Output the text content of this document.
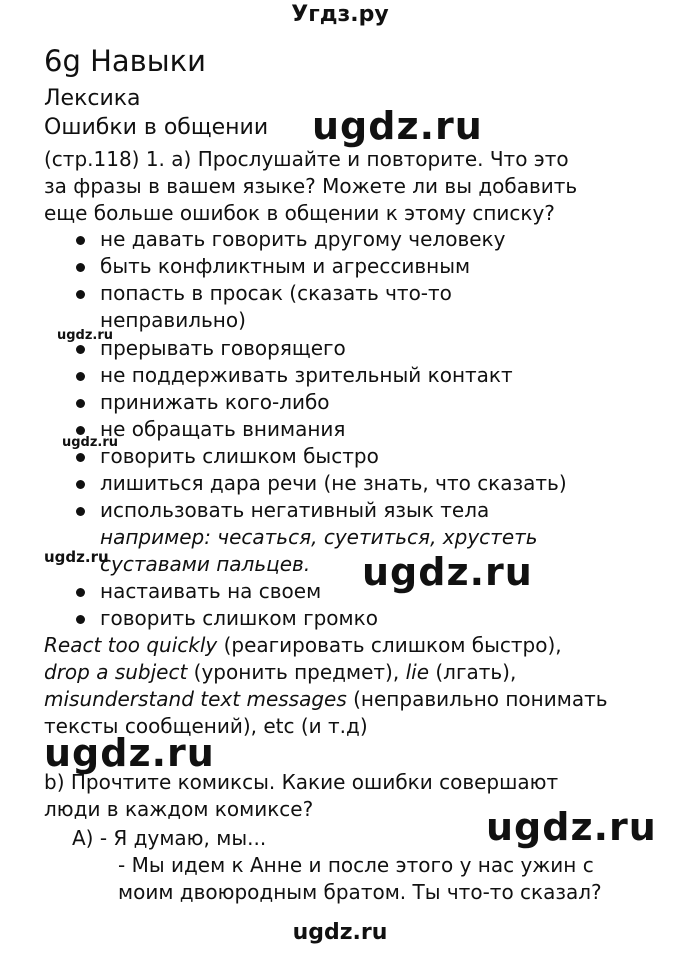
Угдз.ру
ugdz.ru
6g Навыки
Лексика
Ошибки в общении
(стр.118) 1. a) Прослушайте и повторите. Что это
за фразы в вашем языке? Можете ли вы добавить
еще больше ошибок в общении к этому списку?
не давать говорить другому человеку
быть конфликтным и агрессивным
попасть в просак (сказать что-то
неправильно)
прерывать говорящего
не поддерживать зрительный контакт
принижать кого-либо
не обращать внимания
говорить слишком быстро
лишиться дара речи (не знать, что сказать)
использовать негативный язык тела
например: чесаться, суетиться, хрустеть
суставами пальцев.
настаивать на своем
говорить слишком громко
React too quickly (реагировать слишком быстро),
drop a subject (уронить предмет), lie (лгать),
misunderstand text messages (неправильно понимать
тексты сообщений), etc (и т.д)
b) Прочтите комиксы. Какие ошибки совершают
люди в каждом комиксе?
A) - Я думаю, мы...
- Мы идем к Анне и после этого у нас ужин с
моим двоюродным братом. Ты что-то сказал?
ugdz.ru
ugdz.ru
ugdz.ru
ugdz.ru
ugdz.ru
ugdz.ru
ugdz.ru
